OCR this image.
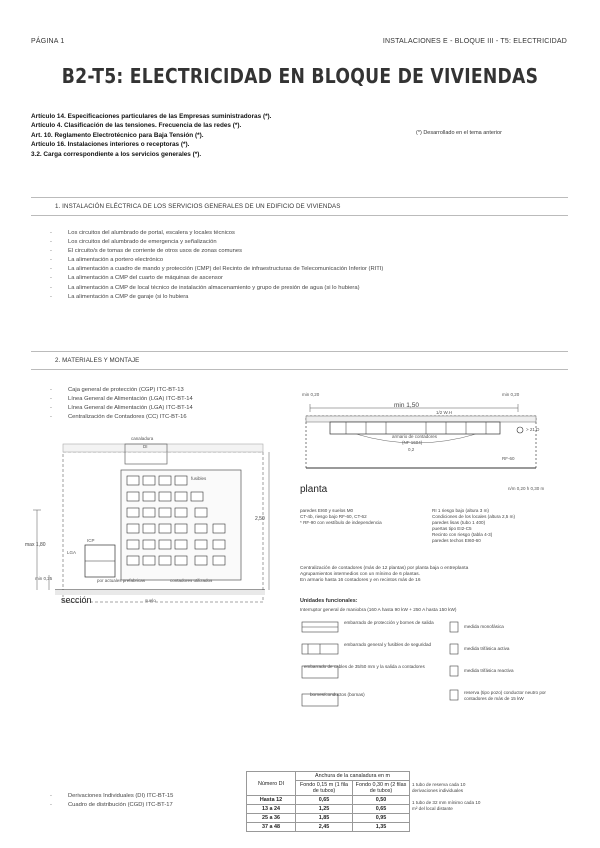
PÁGINA 1	INSTALACIONES E - BLOQUE III - T5: ELECTRICIDAD
B2-T5: ELECTRICIDAD EN BLOQUE DE VIVIENDAS
Artículo 14. Especificaciones particulares de las Empresas suministradoras (*).
Artículo 4. Clasificación de las tensiones. Frecuencia de las redes (*).
Art. 10. Reglamento Electrotécnico para Baja Tensión (*).
Artículo 16. Instalaciones interiores o receptoras (*).
3.2. Carga correspondiente a los servicios generales (*).
(*) Desarrollado en el tema anterior
1. INSTALACIÓN ELÉCTRICA DE LOS SERVICIOS GENERALES DE UN EDIFICIO DE VIVIENDAS
- Los circuitos del alumbrado de portal, escalera y locales técnicos
- Los circuitos del alumbrado de emergencia y señalización
- El circuito/s de tomas de corriente de otros usos de zonas comunes
- La alimentación a portero electrónico
- La alimentación a cuadro de mando y protección (CMP) del Recinto de infraestructuras de Telecomunicación Inferior (RITI)
- La alimentación a CMP del cuarto de máquinas de ascensor
- La alimentación a CMP de local técnico de instalación almacenamiento y grupo de presión de agua (si lo hubiera)
- La alimentación a CMP de garaje (si lo hubiera
2. MATERIALES Y MONTAJE
- Caja general de protección (CGP) ITC-BT-13
- Línea General de Alimentación (LGA) ITC-BT-14
- Línea General de Alimentación (LGA) ITC-BT-14
- Centralización de Contadores (CC) ITC-BT-16
canaladura
DI
fusibles
2,50
max 1,80
min 0,25
LGA
ICP
por actuales prefabricas	contadores utilizados
suelo
sección
min 0,20	min 0,20
min 1,50
1/2 W.H
armario de contadores
(NF 1604)
0,2
> 21 D
RF-60
planta	n/m 0,20 h 0,30 m
paredes EI60 y suelos M0
CT-4b, riesgo bajo RF-60, CT-62
* RF-90 con vestíbulo de independencia
RI 1 riesgo bajo (altura 3 m)
Condiciones de los locales (altura 2,5 m)
paredes lisas (tubo 1 400)
puertas tipo EI2-C5
Recinto con riesgo (tabla 4-3)
paredes techos EI60-60
Centralización de contadores (más de 12 plantas) por planta baja o entreplanta
Agrupamientos intermedios con un mínimo de 6 plantas.
En armario hasta 16 contadores y en recintos más de 16
Unidades funcionales:
Interruptor general de maniobra (160 A hasta 90 kW + 250 A hasta 150 kW)
embarrado de protección y bornes de salida
embarrado general y fusibles de seguridad
embarrado de cables de 35/50 mm y la salida a contadores
bornes/conductos (bornas)
medida monofásica
medida trifásica activa
medida trifásica reactiva
reserva (tipo pozo) conductor neutro por contadores de más de 15 kW
Número DI	Anchura de la canaladura en m	
	Fondo 0,15 m (1 fila de tubos)	Fondo 0,30 m (2 filas de tubos)
Hasta 12	0,65	0,50
13 a 24	1,25	0,65
25 a 36	1,85	0,95
37 a 48	2,45	1,35
1 tubo de reserva cada 10 derivaciones individuales
1 tubo de 32 mm mínimo cada 10 m² del local distante
- Derivaciones Individuales (DI) ITC-BT-15
- Cuadro de distribución (CGD) ITC-BT-17
